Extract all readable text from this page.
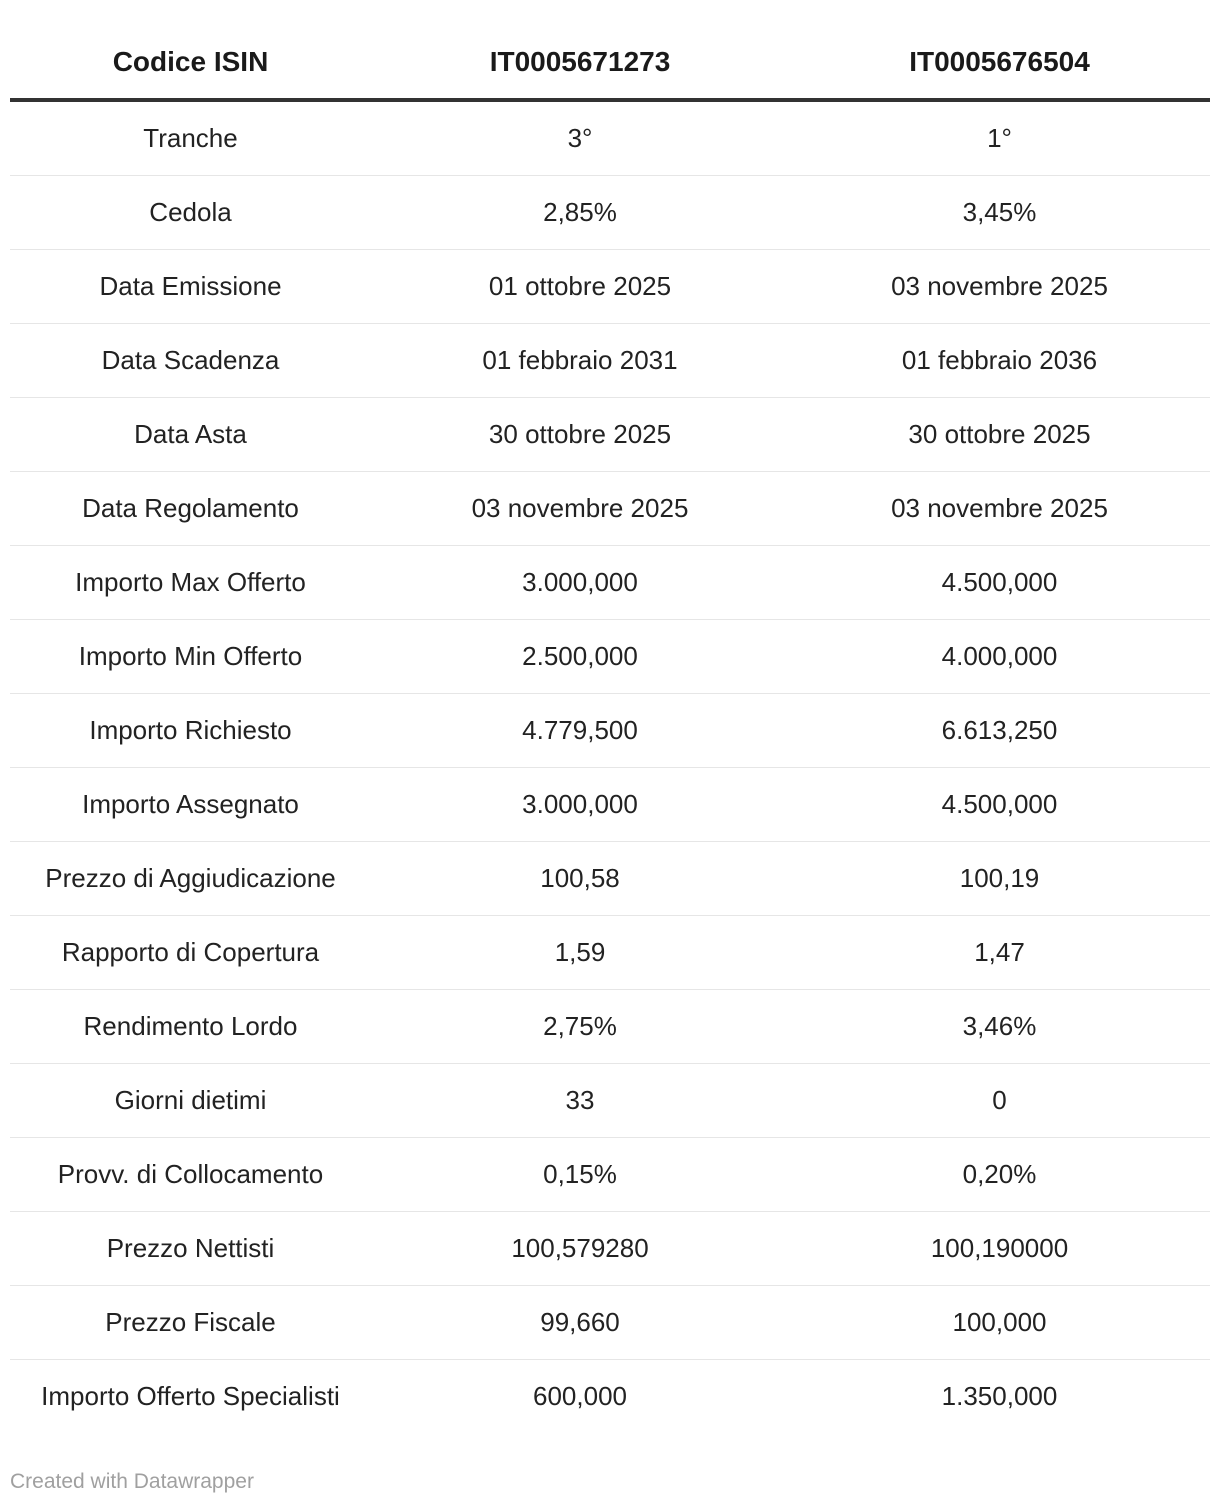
Codice ISIN	IT0005671273	IT0005676504
Tranche	3°	1°
Cedola	2,85%	3,45%
Data Emissione	01 ottobre 2025	03 novembre 2025
Data Scadenza	01 febbraio 2031	01 febbraio 2036
Data Asta	30 ottobre 2025	30 ottobre 2025
Data Regolamento	03 novembre 2025	03 novembre 2025
Importo Max Offerto	3.000,000	4.500,000
Importo Min Offerto	2.500,000	4.000,000
Importo Richiesto	4.779,500	6.613,250
Importo Assegnato	3.000,000	4.500,000
Prezzo di Aggiudicazione	100,58	100,19
Rapporto di Copertura	1,59	1,47
Rendimento Lordo	2,75%	3,46%
Giorni dietimi	33	0
Provv. di Collocamento	0,15%	0,20%
Prezzo Nettisti	100,579280	100,190000
Prezzo Fiscale	99,660	100,000
Importo Offerto Specialisti	600,000	1.350,000
Created with Datawrapper
